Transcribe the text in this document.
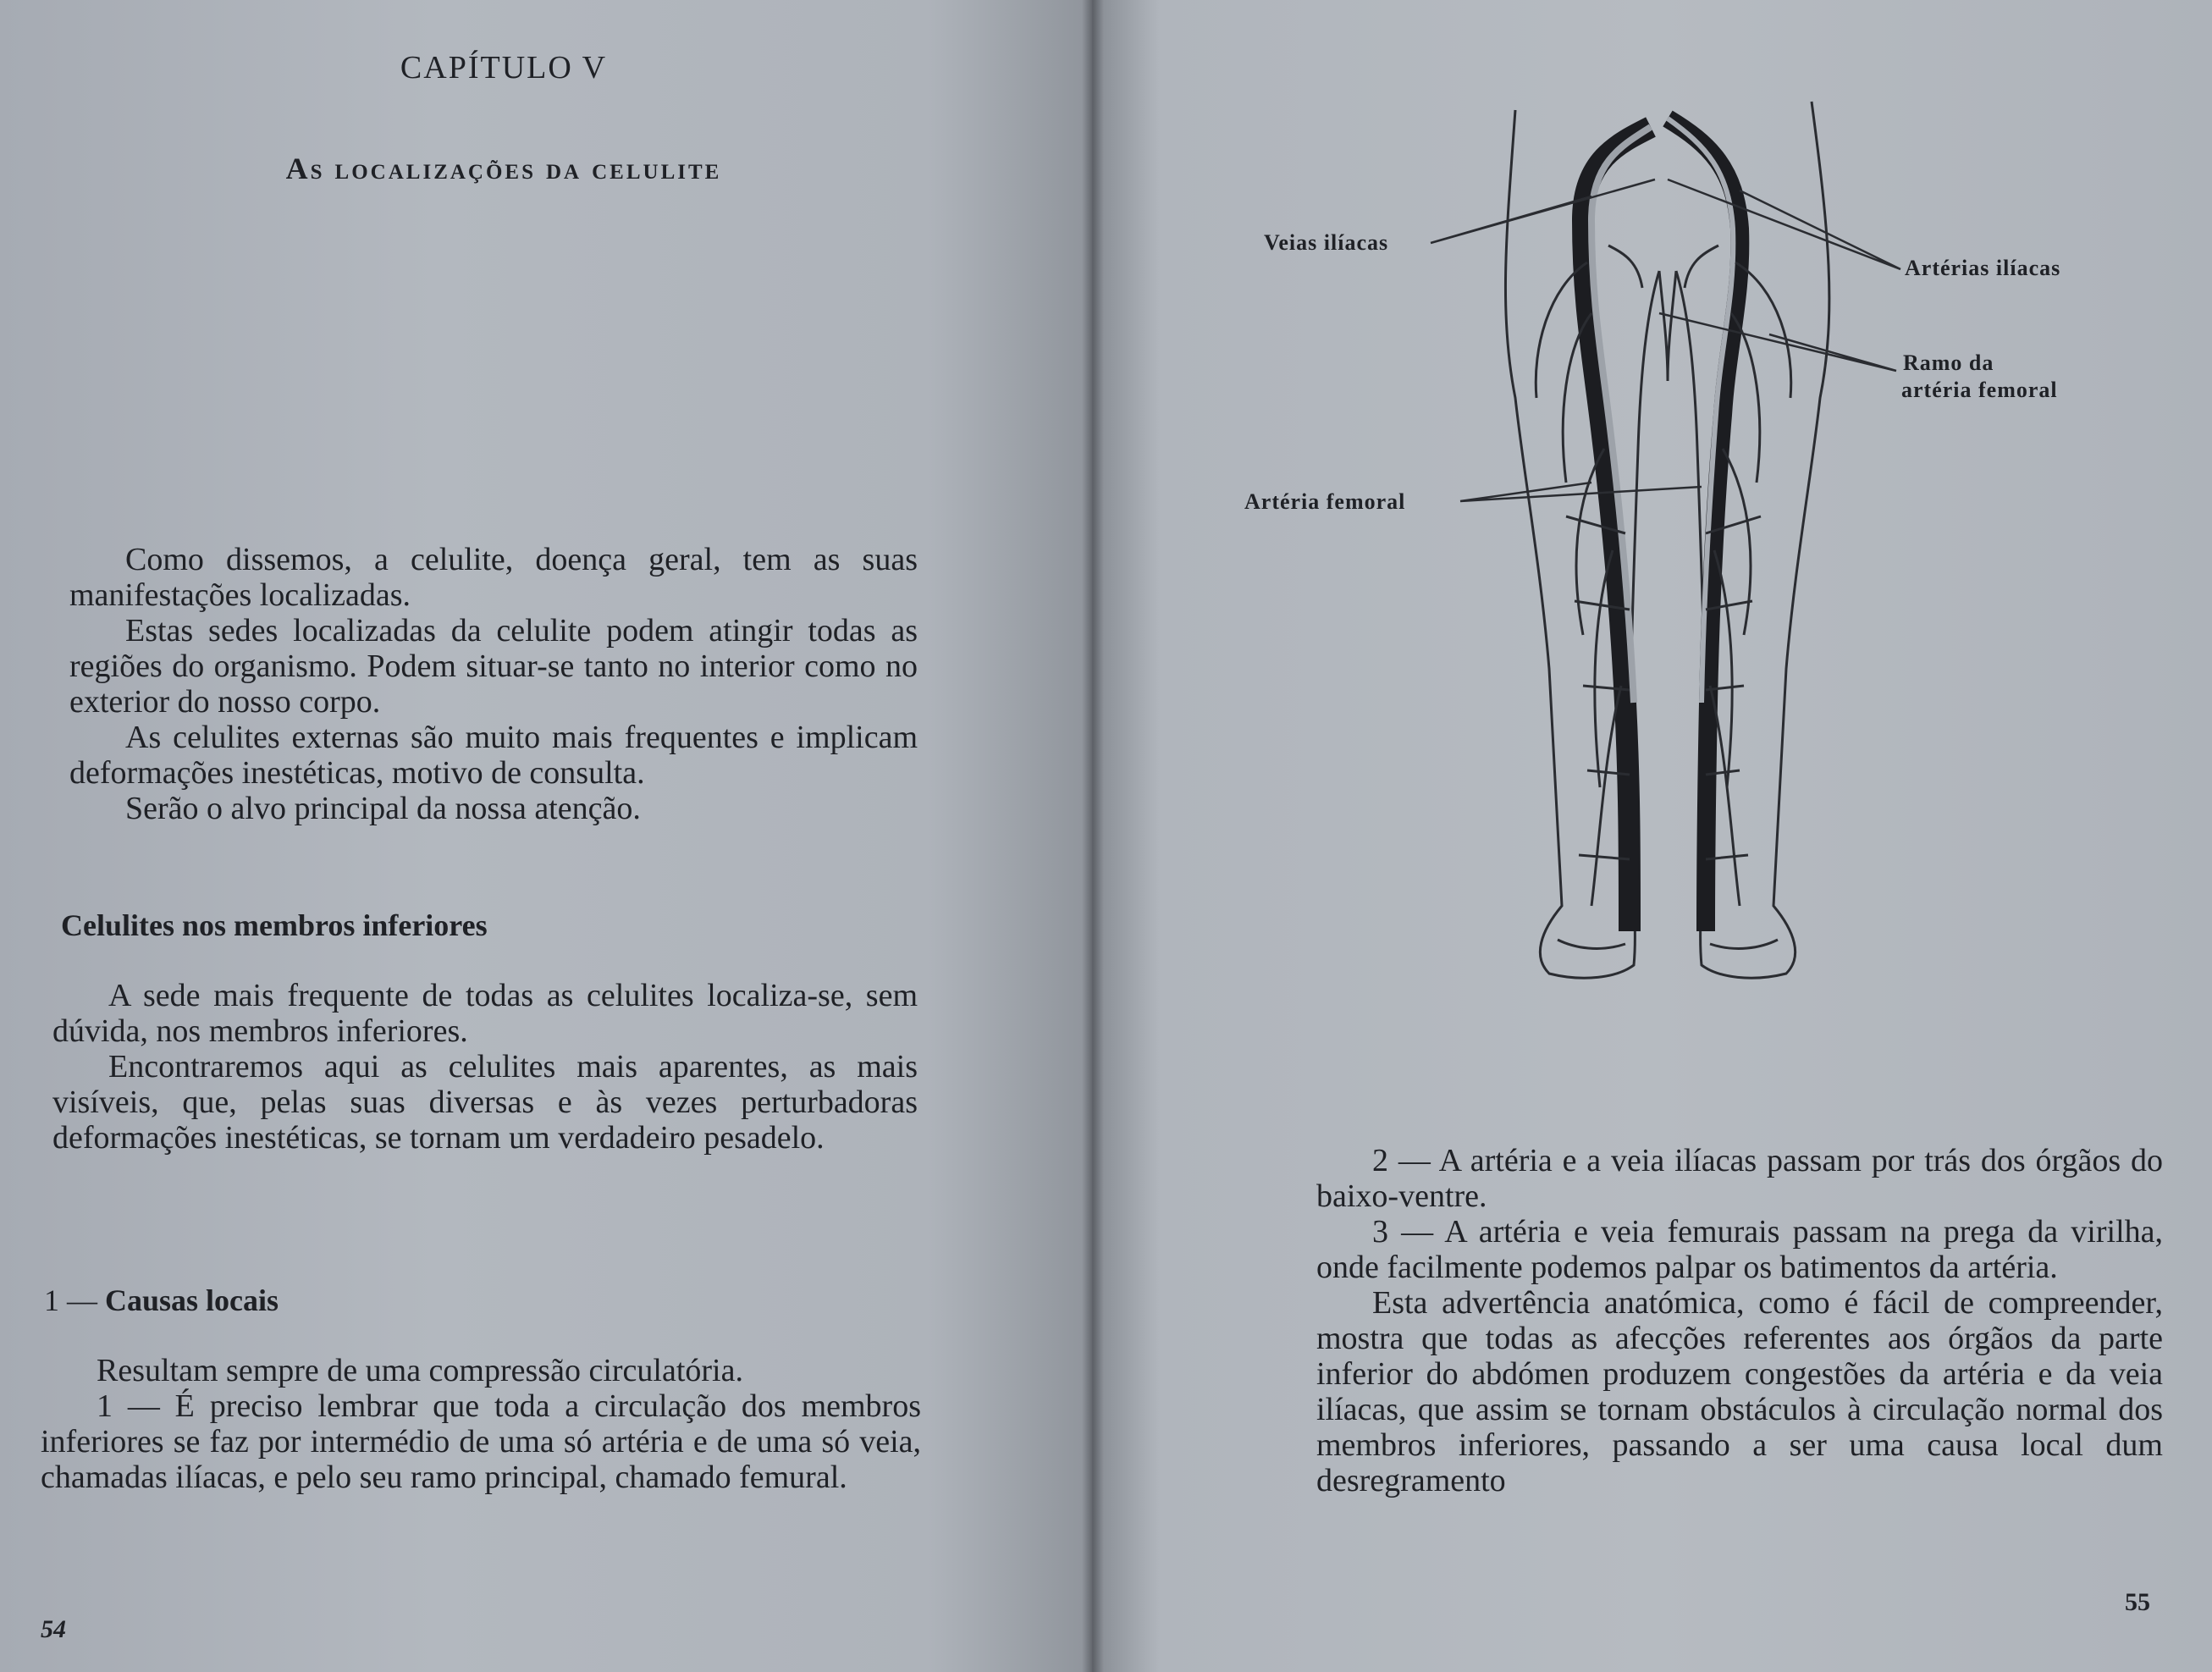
CAPÍTULO V
As localizações da celulite

Como dissemos, a celulite, doença geral, tem as suas manifestações localizadas.

Estas sedes localizadas da celulite podem atingir todas as regiões do organismo. Podem situar-se tanto no interior como no exterior do nosso corpo.

As celulites externas são muito mais frequentes e implicam deformações inestéticas, motivo de consulta.

Serão o alvo principal da nossa atenção.

Celulites nos membros inferiores

A sede mais frequente de todas as celulites localiza-se, sem dúvida, nos membros inferiores.

Encontraremos aqui as celulites mais aparentes, as mais visíveis, que, pelas suas diversas e às vezes perturbadoras deformações inestéticas, se tornam um verdadeiro pesadelo.

1 — Causas locais

Resultam sempre de uma compressão circulatória.

1 — É preciso lembrar que toda a circulação dos membros inferiores se faz por intermédio de uma só artéria e de uma só veia, chamadas ilíacas, e pelo seu ramo principal, chamado femural.

54
Veias ilíacas
Artérias ilíacas
Ramo da
artéria femoral
Artéria femoral

2 — A artéria e a veia ilíacas passam por trás dos órgãos do baixo-ventre.

3 — A artéria e veia femurais passam na prega da virilha, onde facilmente podemos palpar os batimentos da artéria.

Esta advertência anatómica, como é fácil de compreender, mostra que todas as afecções referentes aos órgãos da parte inferior do abdómen produzem congestões da artéria e da veia ilíacas, que assim se tornam obstáculos à circulação normal dos membros inferiores, passando a ser uma causa local dum desregramento

55
